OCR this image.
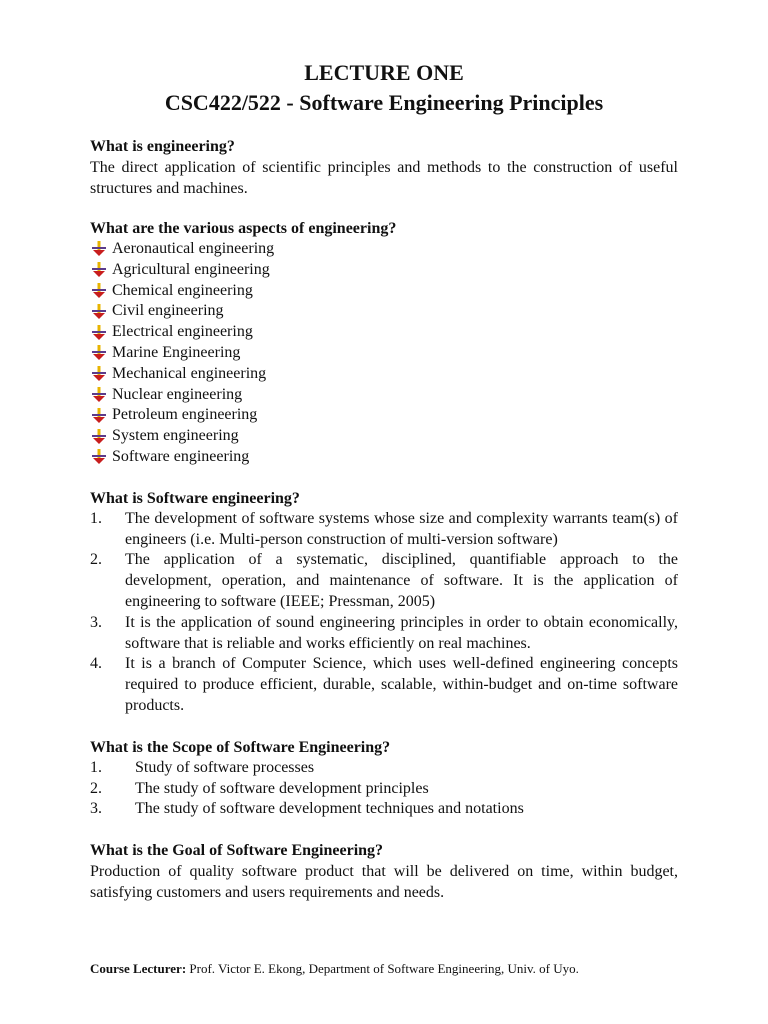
LECTURE ONE
CSC422/522 - Software Engineering Principles
What is engineering?
The direct application of scientific principles and methods to the construction of useful structures and machines.
What are the various aspects of engineering?
Aeronautical engineering
Agricultural engineering
Chemical engineering
Civil engineering
Electrical engineering
Marine Engineering
Mechanical engineering
Nuclear engineering
Petroleum engineering
System engineering
Software engineering
What is Software engineering?
1.	The development of software systems whose size and complexity warrants team(s) of engineers (i.e. Multi-person construction of multi-version software)
2.	The application of a systematic, disciplined, quantifiable approach to the development, operation, and maintenance of software. It is the application of engineering to software (IEEE; Pressman, 2005)
3.	It is the application of sound engineering principles in order to obtain economically, software that is reliable and works efficiently on real machines.
4.	It is a branch of Computer Science, which uses well-defined engineering concepts required to produce efficient, durable, scalable, within-budget and on-time software products.
What is the Scope of Software Engineering?
1.	Study of software processes
2.	The study of software development principles
3.	The study of software development techniques and notations
What is the Goal of Software Engineering?
Production of quality software product that will be delivered on time, within budget, satisfying customers and users requirements and needs.
Course Lecturer: Prof. Victor E. Ekong, Department of Software Engineering, Univ. of Uyo.
